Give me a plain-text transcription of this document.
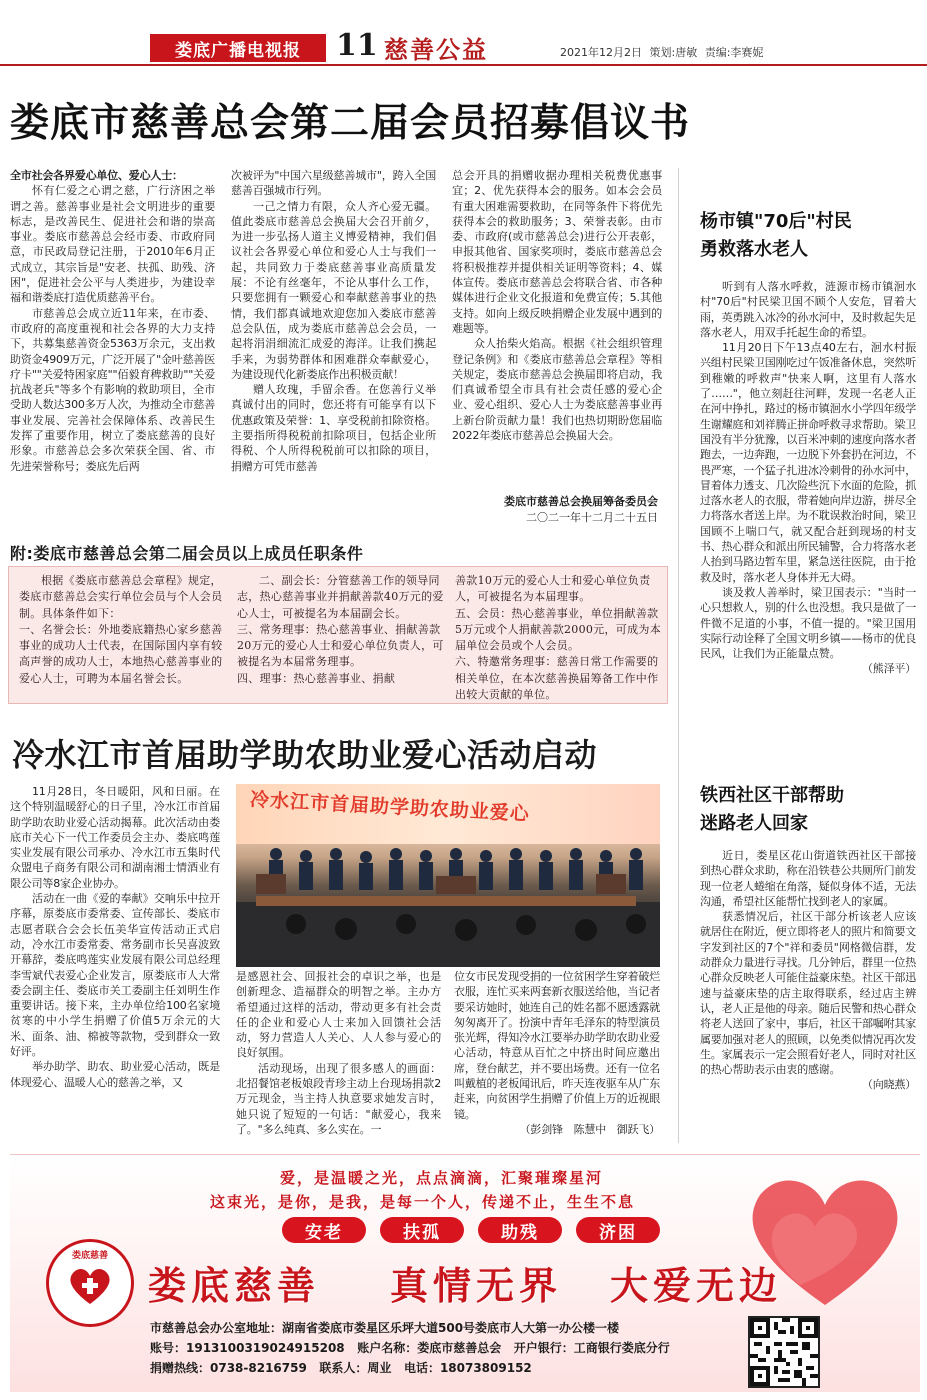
娄底广播电视报	11 慈善公益	2021年12月2日 策划:唐敏 责编:李赛妮
娄底市慈善总会第二届会员招募倡议书
全市社会各界爱心单位、爱心人士：

怀有仁爱之心谓之慈，广行济困之举谓之善。慈善事业是社会文明进步的重要标志，是改善民生、促进社会和谐的崇高事业。娄底市慈善总会经市委、市政府同意，市民政局登记注册，于2010年6月正式成立，其宗旨是"安老、扶孤、助残、济困"，促进社会公平与人类进步，为建设幸福和谐娄底打造优质慈善平台。

市慈善总会成立近11年来，在市委、市政府的高度重视和社会各界的大力支持下，共募集慈善资金5363万余元，支出救助资金4909万元，广泛开展了"金叶慈善医疗卡""关爱特困家庭""佰毅育稗救助""关爱抗战老兵"等多个有影响的救助项目，全市受助人数达300多万人次，为推动全市慈善事业发展、完善社会保障体系、改善民生发挥了重要作用，树立了娄底慈善的良好形象。市慈善总会多次荣获全国、省、市先进荣誉称号；娄底先后两

次被评为"中国六星级慈善城市"，跨入全国慈善百强城市行列。

一己之情力有限，众人齐心爱无疆。值此娄底市慈善总会换届大会召开前夕，为进一步弘扬人道主义博爱精神，我们倡议社会各界爱心单位和爱心人士与我们一起，共同致力于娄底慈善事业高质量发展：不论有丝毫年，不论从事什么工作，只要您拥有一颗爱心和奉献慈善事业的热情，我们都真诚地欢迎您加入娄底市慈善总会队伍，成为娄底市慈善总会会员，一起将涓涓细流汇成爱的海洋。让我们携起手来，为弱势群体和困难群众奉献爱心，为建设现代化新娄底作出积极贡献！

赠人玫瑰，手留余香。在您善行义举真诚付出的同时，您还将有可能享有以下优惠政策及荣誉：1、享受税前扣除资格。主要指所得税税前扣除项目，包括企业所得税、个人所得税税前可以扣除的项目，捐赠方可凭市慈善

总会开具的捐赠收据办理相关税费优惠事宜；2、优先获得本会的服务。如本会会员有重大困难需要救助，在同等条件下将优先获得本会的救助服务；3、荣誉表彰。由市委、市政府(或市慈善总会)进行公开表彰，申报其他省、国家奖项时，娄底市慈善总会将积极推荐并提供相关证明等资料；4、媒体宣传。娄底市慈善总会将联合省、市各种媒体进行企业文化报道和免费宣传；5.其他支持。如向上级反映捐赠企业发展中遇到的难题等。

众人抬柴火焰高。根据《社会组织管理登记条例》和《娄底市慈善总会章程》等相关规定，娄底市慈善总会换届即将启动，我们真诚希望全市具有社会责任感的爱心企业、爱心组织、爱心人士为娄底慈善事业再上新台阶贡献力量！我们也热切期盼您届临2022年娄底市慈善总会换届大会。

娄底市慈善总会换届筹备委员会
二〇二一年十二月二十五日
附:娄底市慈善总会第二届会员以上成员任职条件
根据《娄底市慈善总会章程》规定，娄底市慈善总会实行单位会员与个人会员制。具体条件如下：
一、名誉会长：外地娄底籍热心家乡慈善事业的成功人士代表，在国际国内享有较高声誉的成功人士，本地热心慈善事业的爱心人士，可聘为本届名誉会长。
二、副会长：分管慈善工作的领导同志，热心慈善事业并捐献善款40万元的爱心人士，可被提名为本届副会长。
三、常务理事：热心慈善事业、捐献善款20万元的爱心人士和爱心单位负责人，可被提名为本届常务理事。
四、理事：热心慈善事业、捐献
善款10万元的爱心人士和爱心单位负责人，可被提名为本届理事。
五、会员：热心慈善事业，单位捐献善款5万元或个人捐献善款2000元，可成为本届单位会员或个人会员。
六、特邀常务理事：慈善日常工作需要的相关单位，在本次慈善换届筹备工作中作出较大贡献的单位。
冷水江市首届助学助农助业爱心活动启动

11月28日，冬日暖阳，风和日丽。在这个特别温暖舒心的日子里，冷水江市首届助学助农助业爱心活动揭幕。此次活动由娄底市关心下一代工作委员会主办、娄底鸣莲实业发展有限公司承办、冷水江市五集时代众盟电子商务有限公司和湖南湘士情酒业有限公司等8家企业协办。

活动在一曲《爱的奉献》交响乐中拉开序幕，原娄底市委常委、宣传部长、娄底市志愿者联合会会长伍美华宣传活动正式启动，冷水江市委常委、常务副市长吴喜波致开幕辞，娄底鸣莲实业发展有限公司总经理李雪斌代表爱心企业发言，原娄底市人大常委会副主任、娄底市关工委副主任刘明生作重要讲话。接下来，主办单位给100名家境贫寒的中小学生捐赠了价值5万余元的大米、面条、油、棉被等款物，受到群众一致好评。

举办助学、助农、助业爱心活动，既是体现爱心、温暖人心的慈善之举，又

冷水江市首届助学助农助业爱心

是感恩社会、回报社会的卓识之举，也是创新理念、造福群众的明智之举。主办方希望通过这样的活动，带动更多有社会责任的企业和爱心人士来加入回馈社会活动，努力营造人人关心、人人参与爱心的良好氛围。

活动现场，出现了很多感人的画面：北招餐馆老板娘段青珍主动上台现场捐款2万元现金，当主持人执意要求她发言时，她只说了短短的一句话："献爱心，我来了。"多么纯真、多么实在。一

位女市民发现受捐的一位贫困学生穿着破烂衣服，连忙买来两套新衣服送给他，当记者要采访她时，她连自己的姓名都不愿透露就匆匆离开了。扮演中青年毛泽东的特型演员张光辉，得知冷水江要举办助学助农助业爱心活动，特意从百忙之中挤出时间应邀出席，登台献艺，并不要出场费。还有一位名叫戴植的老板闻讯后，昨天连夜驱车从广东赶来，向贫困学生捐赠了价值上万的近视眼镜。

（彭剑锋　陈慧中　御跃飞）
杨市镇"70后"村民
勇救落水老人

听到有人落水呼救，涟源市杨市镇洄水村"70后"村民梁卫国不顾个人安危，冒着大雨，英勇跳入冰冷的孙水河中，及时救起失足落水老人，用双手托起生命的希望。

11月20日下午13点40左右，洄水村振兴组村民梁卫国刚吃过午饭准备休息，突然听到稚嫩的呼救声"快来人啊，这里有人落水了……"，他立刻赶往河畔，发现一名老人正在河中挣扎，路过的杨市镇洄水小学四年级学生谢耀庭和刘祥腾正拼命呼救寻求帮助。梁卫国没有半分犹豫，以百米冲刺的速度向落水者跑去，一边奔跑，一边脱下外套扔在河边，不畏严寒，一个猛子扎进冰冷刺骨的孙水河中，冒着体力透支、几次险些沉下水面的危险，抓过落水老人的衣服，带着她向岸边游，拼尽全力将落水者送上岸。为不耽误救治时间，梁卫国顾不上喘口气，就又配合赶到现场的村支书、热心群众和派出所民辅警，合力将落水老人抬到马路边暂车里，紧急送往医院，由于抢救及时，落水老人身体并无大碍。

谈及救人善举时，梁卫国表示："当时一心只想救人，别的什么也没想。我只是做了一件微不足道的小事，不值一提的。"梁卫国用实际行动诠释了全国文明乡镇——杨市的优良民风，让我们为正能量点赞。

（熊泽平）
铁西社区干部帮助
迷路老人回家

近日，娄星区花山街道铁西社区干部接到热心群众求助，称在沿铁巷公共厕所门前发现一位老人蜷缩在角落，疑似身体不适，无法沟通，希望社区能帮忙找到老人的家属。

获悉情况后，社区干部分析该老人应该就居住在附近，便立即将老人的照片和简要文字发到社区的7个"祥和委员"网格微信群，发动群众力量进行寻找。几分钟后，群里一位热心群众反映老人可能住益豪床垫。社区干部迅速与益豪床垫的店主取得联系，经过店主辨认，老人正是他的母亲。随后民警和热心群众将老人送回了家中，事后，社区干部嘱咐其家属要加强对老人的照顾，以免类似情况再次发生。家属表示一定会照看好老人，同时对社区的热心帮助表示由衷的感谢。

（向晓燕）
爱，是温暖之光，点点滴滴，汇聚璀璨星河
这束光，是你，是我，是每一个人，传递不止，生生不息
安老	扶孤	助残	济困
娄底慈善
娄底慈善 真情无界 大爱无边
市慈善总会办公室地址：湖南省娄底市娄星区乐坪大道500号娄底市人大第一办公楼一楼
账号：1913100319024915208 账户名称：娄底市慈善总会 开户银行：工商银行娄底分行
捐赠热线：0738-8216759 联系人：周业 电话：18073809152
